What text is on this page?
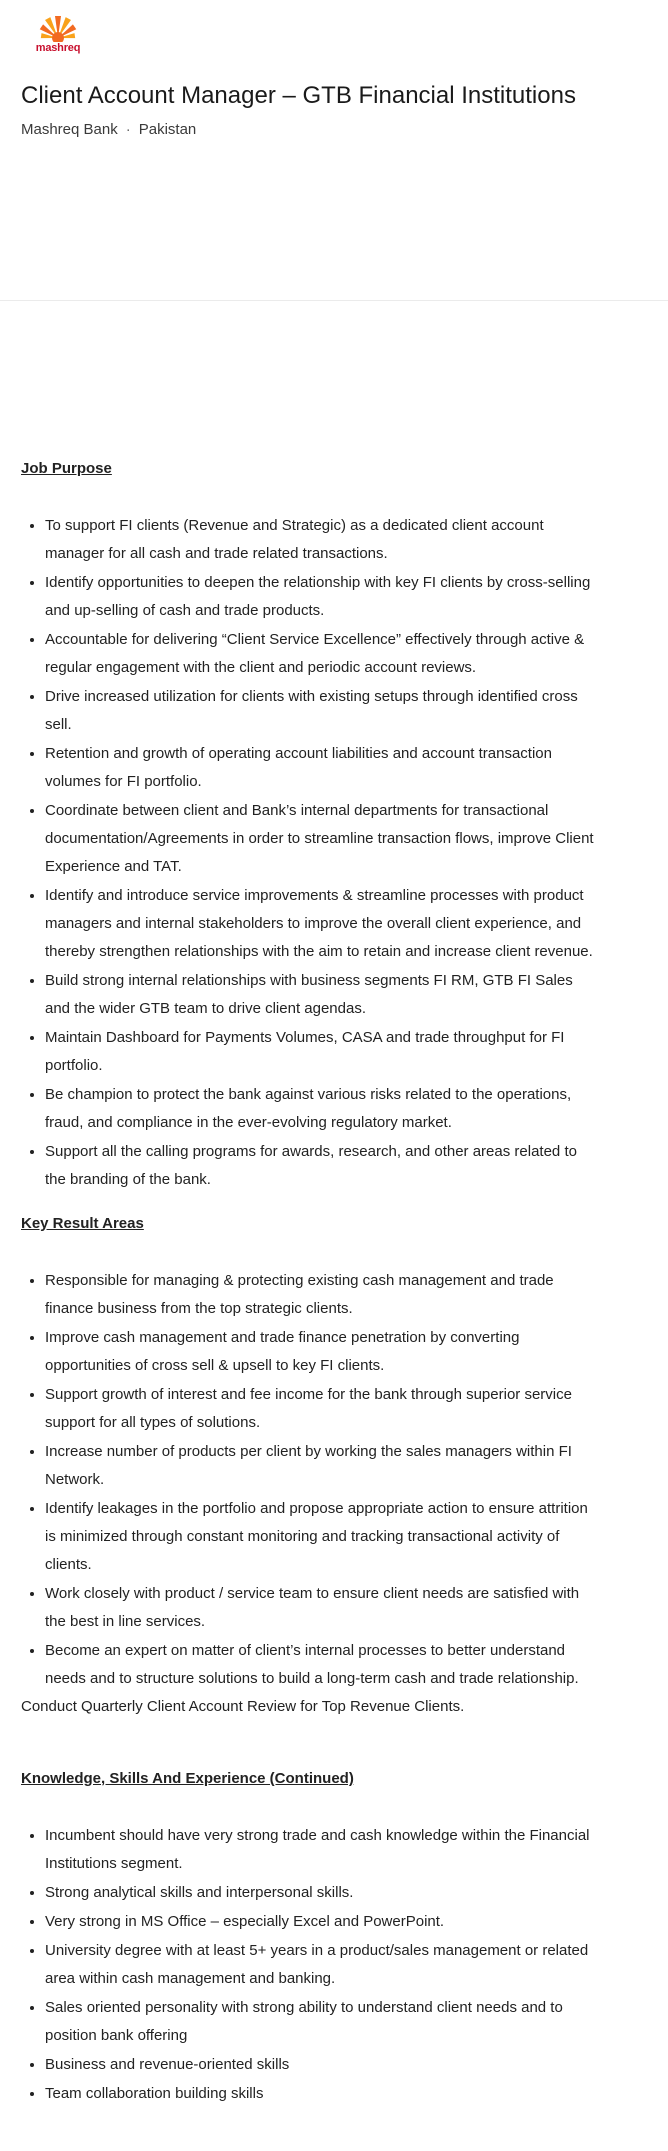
mashreq
Client Account Manager – GTB Financial Institutions
Mashreq Bank · Pakistan

Job Purpose

• To support FI clients (Revenue and Strategic) as a dedicated client account manager for all cash and trade related transactions.
• Identify opportunities to deepen the relationship with key FI clients by cross-selling and up-selling of cash and trade products.
• Accountable for delivering “Client Service Excellence” effectively through active & regular engagement with the client and periodic account reviews.
• Drive increased utilization for clients with existing setups through identified cross sell.
• Retention and growth of operating account liabilities and account transaction volumes for FI portfolio.
• Coordinate between client and Bank’s internal departments for transactional documentation/Agreements in order to streamline transaction flows, improve Client Experience and TAT.
• Identify and introduce service improvements & streamline processes with product managers and internal stakeholders to improve the overall client experience, and thereby strengthen relationships with the aim to retain and increase client revenue.
• Build strong internal relationships with business segments FI RM, GTB FI Sales and the wider GTB team to drive client agendas.
• Maintain Dashboard for Payments Volumes, CASA and trade throughput for FI portfolio.
• Be champion to protect the bank against various risks related to the operations, fraud, and compliance in the ever-evolving regulatory market.
• Support all the calling programs for awards, research, and other areas related to the branding of the bank.

Key Result Areas

• Responsible for managing & protecting existing cash management and trade finance business from the top strategic clients.
• Improve cash management and trade finance penetration by converting opportunities of cross sell & upsell to key FI clients.
• Support growth of interest and fee income for the bank through superior service support for all types of solutions.
• Increase number of products per client by working the sales managers within FI Network.
• Identify leakages in the portfolio and propose appropriate action to ensure attrition is minimized through constant monitoring and tracking transactional activity of clients.
• Work closely with product / service team to ensure client needs are satisfied with the best in line services.
• Become an expert on matter of client’s internal processes to better understand needs and to structure solutions to build a long-term cash and trade relationship.

Conduct Quarterly Client Account Review for Top Revenue Clients.

Knowledge, Skills And Experience (Continued)

• Incumbent should have very strong trade and cash knowledge within the Financial Institutions segment.
• Strong analytical skills and interpersonal skills.
• Very strong in MS Office – especially Excel and PowerPoint.
• University degree with at least 5+ years in a product/sales management or related area within cash management and banking.
• Sales oriented personality with strong ability to understand client needs and to position bank offering
• Business and revenue-oriented skills
• Team collaboration building skills
